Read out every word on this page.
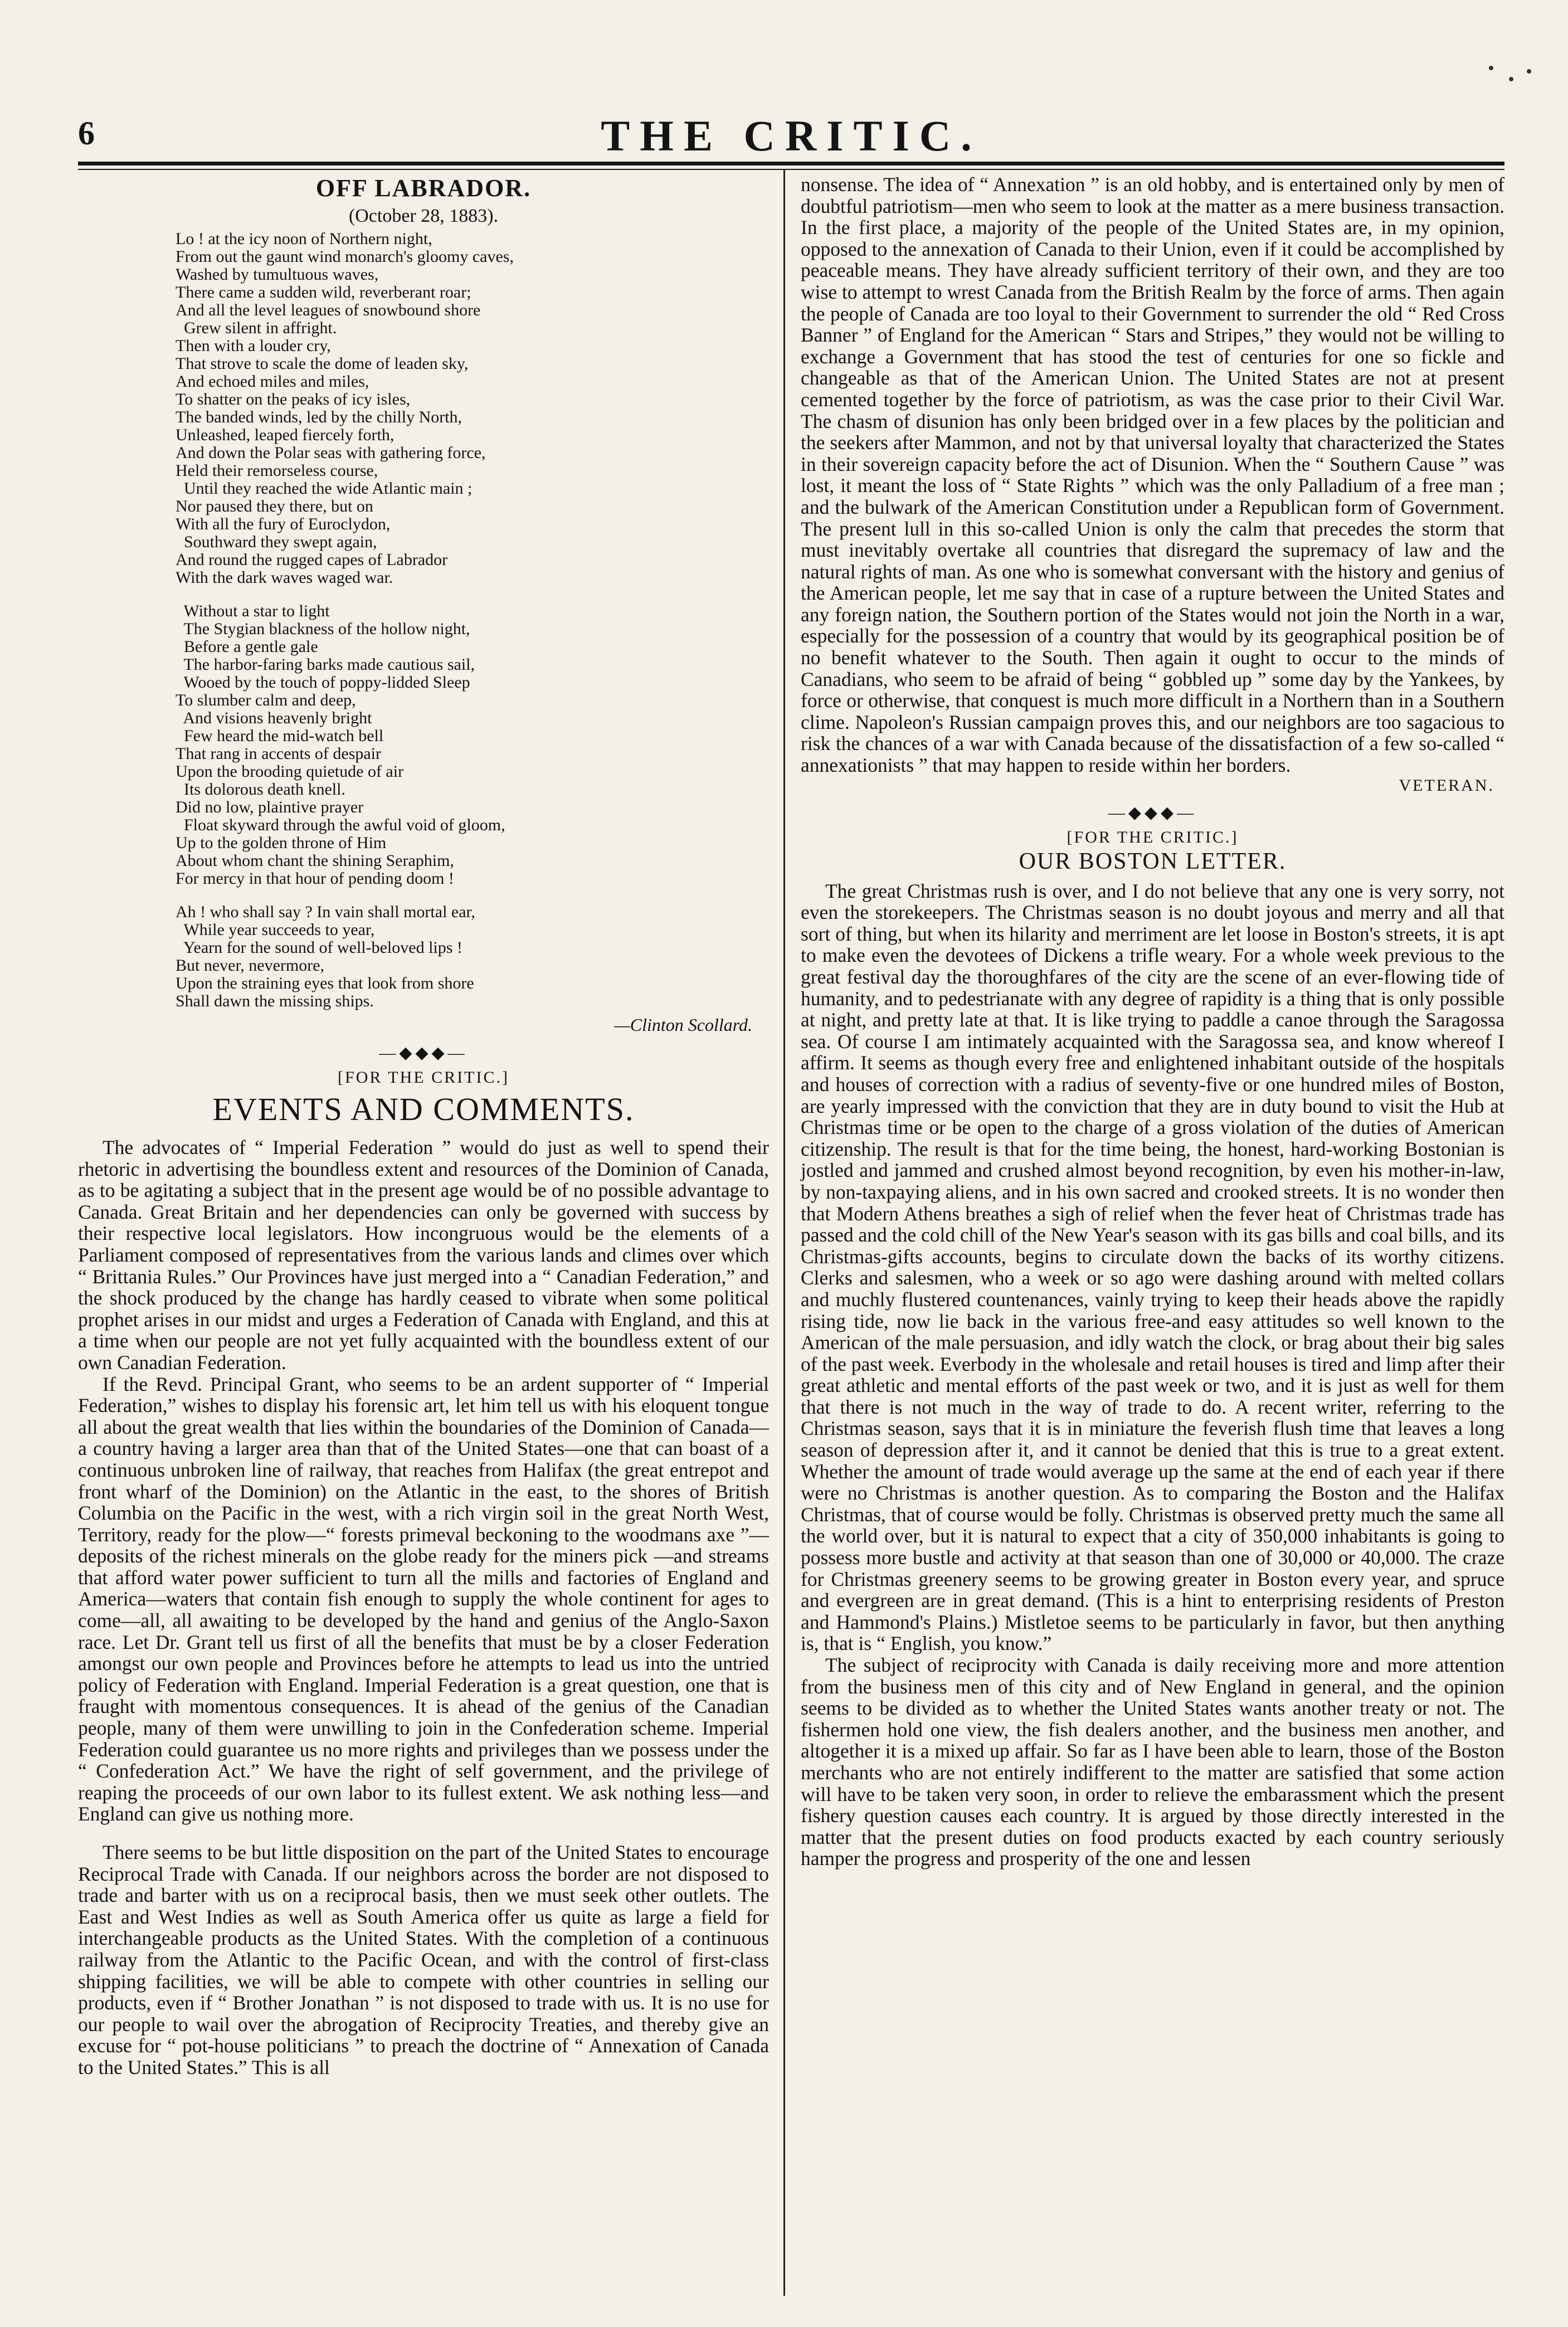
6	THE CRITIC.
OFF LABRADOR.
(October 28, 1883).

Lo ! at the icy noon of Northern night,

From out the gaunt wind monarch's gloomy caves,

Washed by tumultuous waves,

There came a sudden wild, reverberant roar;

And all the level leagues of snowbound shore

Grew silent in affright.

Then with a louder cry,

That strove to scale the dome of leaden sky,

And echoed miles and miles,

To shatter on the peaks of icy isles,

The banded winds, led by the chilly North,

Unleashed, leaped fiercely forth,

And down the Polar seas with gathering force,

Held their remorseless course,

Until they reached the wide Atlantic main ;

Nor paused they there, but on

With all the fury of Euroclydon,

Southward they swept again,

And round the rugged capes of Labrador

With the dark waves waged war.

Without a star to light

The Stygian blackness of the hollow night,

Before a gentle gale

The harbor-faring barks made cautious sail,

Wooed by the touch of poppy-lidded Sleep

To slumber calm and deep,

And visions heavenly bright

Few heard the mid-watch bell

That rang in accents of despair

Upon the brooding quietude of air

Its dolorous death knell.

Did no low, plaintive prayer

Float skyward through the awful void of gloom,

Up to the golden throne of Him

About whom chant the shining Seraphim,

For mercy in that hour of pending doom !

Ah ! who shall say ? In vain shall mortal ear,

While year succeeds to year,

Yearn for the sound of well-beloved lips !

But never, nevermore,

Upon the straining eyes that look from shore

Shall dawn the missing ships.

—Clinton Scollard.
—◆◆◆—

[FOR THE CRITIC.]

EVENTS AND COMMENTS.

The advocates of “ Imperial Federation ” would do just as well to spend their rhetoric in advertising the boundless extent and resources of the Dominion of Canada, as to be agitating a subject that in the present age would be of no possible advantage to Canada. Great Britain and her dependencies can only be governed with success by their respective local legislators. How incongruous would be the elements of a Parliament composed of representatives from the various lands and climes over which “ Brittania Rules.” Our Provinces have just merged into a “ Canadian Federation,” and the shock produced by the change has hardly ceased to vibrate when some political prophet arises in our midst and urges a Federation of Canada with England, and this at a time when our people are not yet fully acquainted with the boundless extent of our own Canadian Federation.

If the Revd. Principal Grant, who seems to be an ardent supporter of “ Imperial Federation,” wishes to display his forensic art, let him tell us with his eloquent tongue all about the great wealth that lies within the boundaries of the Dominion of Canada—a country having a larger area than that of the United States—one that can boast of a continuous unbroken line of railway, that reaches from Halifax (the great entrepot and front wharf of the Dominion) on the Atlantic in the east, to the shores of British Columbia on the Pacific in the west, with a rich virgin soil in the great North West, Territory, ready for the plow—“ forests primeval beckoning to the woodmans axe ”—deposits of the richest minerals on the globe ready for the miners pick —and streams that afford water power sufficient to turn all the mills and factories of England and America—waters that contain fish enough to supply the whole continent for ages to come—all, all awaiting to be developed by the hand and genius of the Anglo-Saxon race. Let Dr. Grant tell us first of all the benefits that must be by a closer Federation amongst our own people and Provinces before he attempts to lead us into the untried policy of Federation with England. Imperial Federation is a great question, one that is fraught with momentous consequences. It is ahead of the genius of the Canadian people, many of them were unwilling to join in the Confederation scheme. Imperial Federation could guarantee us no more rights and privileges than we possess under the “ Confederation Act.” We have the right of self government, and the privilege of reaping the proceeds of our own labor to its fullest extent. We ask nothing less—and England can give us nothing more.

There seems to be but little disposition on the part of the United States to encourage Reciprocal Trade with Canada. If our neighbors across the border are not disposed to trade and barter with us on a reciprocal basis, then we must seek other outlets. The East and West Indies as well as South America offer us quite as large a field for interchangeable products as the United States. With the completion of a continuous railway from the Atlantic to the Pacific Ocean, and with the control of first-class shipping facilities, we will be able to compete with other countries in selling our products, even if “ Brother Jonathan ” is not disposed to trade with us. It is no use for our people to wail over the abrogation of Reciprocity Treaties, and thereby give an excuse for “ pot-house politicians ” to preach the doctrine of “ Annexation of Canada to the United States.” This is all

nonsense. The idea of “ Annexation ” is an old hobby, and is entertained only by men of doubtful patriotism—men who seem to look at the matter as a mere business transaction. In the first place, a majority of the people of the United States are, in my opinion, opposed to the annexation of Canada to their Union, even if it could be accomplished by peaceable means. They have already sufficient territory of their own, and they are too wise to attempt to wrest Canada from the British Realm by the force of arms. Then again the people of Canada are too loyal to their Government to surrender the old “ Red Cross Banner ” of England for the American “ Stars and Stripes,” they would not be willing to exchange a Government that has stood the test of centuries for one so fickle and changeable as that of the American Union. The United States are not at present cemented together by the force of patriotism, as was the case prior to their Civil War. The chasm of disunion has only been bridged over in a few places by the politician and the seekers after Mammon, and not by that universal loyalty that characterized the States in their sovereign capacity before the act of Disunion. When the “ Southern Cause ” was lost, it meant the loss of “ State Rights ” which was the only Palladium of a free man ; and the bulwark of the American Constitution under a Republican form of Government. The present lull in this so-called Union is only the calm that precedes the storm that must inevitably overtake all countries that disregard the supremacy of law and the natural rights of man. As one who is somewhat conversant with the history and genius of the American people, let me say that in case of a rupture between the United States and any foreign nation, the Southern portion of the States would not join the North in a war, especially for the possession of a country that would by its geographical position be of no benefit whatever to the South. Then again it ought to occur to the minds of Canadians, who seem to be afraid of being “ gobbled up ” some day by the Yankees, by force or otherwise, that conquest is much more difficult in a Northern than in a Southern clime. Napoleon's Russian campaign proves this, and our neighbors are too sagacious to risk the chances of a war with Canada because of the dissatisfaction of a few so-called “ annexationists ” that may happen to reside within her borders.

VETERAN.

—◆◆◆—

[FOR THE CRITIC.]

OUR BOSTON LETTER.

The great Christmas rush is over, and I do not believe that any one is very sorry, not even the storekeepers. The Christmas season is no doubt joyous and merry and all that sort of thing, but when its hilarity and merriment are let loose in Boston's streets, it is apt to make even the devotees of Dickens a trifle weary. For a whole week previous to the great festival day the thoroughfares of the city are the scene of an ever-flowing tide of humanity, and to pedestrianate with any degree of rapidity is a thing that is only possible at night, and pretty late at that. It is like trying to paddle a canoe through the Saragossa sea. Of course I am intimately acquainted with the Saragossa sea, and know whereof I affirm. It seems as though every free and enlightened inhabitant outside of the hospitals and houses of correction with a radius of seventy-five or one hundred miles of Boston, are yearly impressed with the conviction that they are in duty bound to visit the Hub at Christmas time or be open to the charge of a gross violation of the duties of American citizenship. The result is that for the time being, the honest, hard-working Bostonian is jostled and jammed and crushed almost beyond recognition, by even his mother-in-law, by non-taxpaying aliens, and in his own sacred and crooked streets. It is no wonder then that Modern Athens breathes a sigh of relief when the fever heat of Christmas trade has passed and the cold chill of the New Year's season with its gas bills and coal bills, and its Christmas-gifts accounts, begins to circulate down the backs of its worthy citizens. Clerks and salesmen, who a week or so ago were dashing around with melted collars and muchly flustered countenances, vainly trying to keep their heads above the rapidly rising tide, now lie back in the various free-and easy attitudes so well known to the American of the male persuasion, and idly watch the clock, or brag about their big sales of the past week. Everbody in the wholesale and retail houses is tired and limp after their great athletic and mental efforts of the past week or two, and it is just as well for them that there is not much in the way of trade to do. A recent writer, referring to the Christmas season, says that it is in miniature the feverish flush time that leaves a long season of depression after it, and it cannot be denied that this is true to a great extent. Whether the amount of trade would average up the same at the end of each year if there were no Christmas is another question. As to comparing the Boston and the Halifax Christmas, that of course would be folly. Christmas is observed pretty much the same all the world over, but it is natural to expect that a city of 350,000 inhabitants is going to possess more bustle and activity at that season than one of 30,000 or 40,000. The craze for Christmas greenery seems to be growing greater in Boston every year, and spruce and evergreen are in great demand. (This is a hint to enterprising residents of Preston and Hammond's Plains.) Mistletoe seems to be particularly in favor, but then anything is, that is “ English, you know.”

The subject of reciprocity with Canada is daily receiving more and more attention from the business men of this city and of New England in general, and the opinion seems to be divided as to whether the United States wants another treaty or not. The fishermen hold one view, the fish dealers another, and the business men another, and altogether it is a mixed up affair. So far as I have been able to learn, those of the Boston merchants who are not entirely indifferent to the matter are satisfied that some action will have to be taken very soon, in order to relieve the embarassment which the present fishery question causes each country. It is argued by those directly interested in the matter that the present duties on food products exacted by each country seriously hamper the progress and prosperity of the one and lessen
